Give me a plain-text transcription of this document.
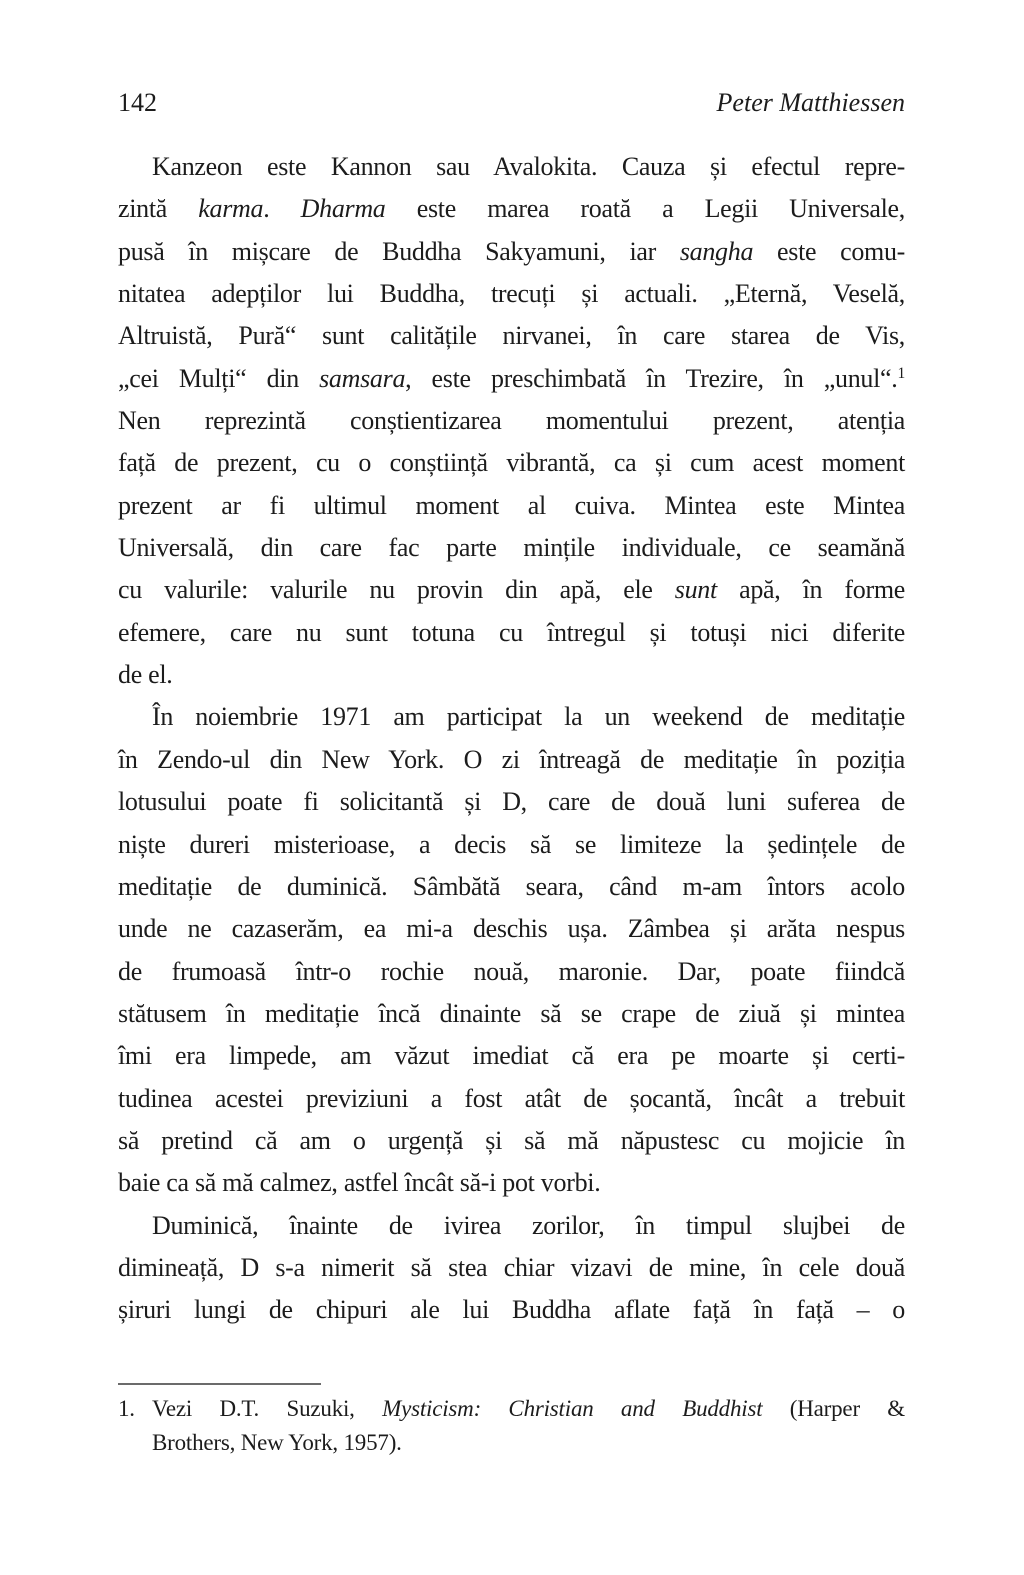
142	Peter Matthiessen
Kanzeon este Kannon sau Avalokita. Cauza și efectul repre-
zintă karma. Dharma este marea roată a Legii Universale,
pusă în mișcare de Buddha Sakyamuni, iar sangha este comu-
nitatea adepților lui Buddha, trecuți și actuali. „Eternă, Veselă,
Altruistă, Pură“ sunt calitățile nirvanei, în care starea de Vis,
„cei Mulți“ din samsara, este preschimbată în Trezire, în „unul“.$^1$
Nen reprezintă conștientizarea momentului prezent, atenția
față de prezent, cu o conștiință vibrantă, ca și cum acest moment
prezent ar fi ultimul moment al cuiva. Mintea este Mintea
Universală, din care fac parte mințile individuale, ce seamănă
cu valurile: valurile nu provin din apă, ele sunt apă, în forme
efemere, care nu sunt totuna cu întregul și totuși nici diferite
de el.
În noiembrie 1971 am participat la un weekend de meditație
în Zendo-ul din New York. O zi întreagă de meditație în poziția
lotusului poate fi solicitantă și D, care de două luni suferea de
niște dureri misterioase, a decis să se limiteze la ședințele de
meditație de duminică. Sâmbătă seara, când m-am întors acolo
unde ne cazaserăm, ea mi-a deschis ușa. Zâmbea și arăta nespus
de frumoasă într-o rochie nouă, maronie. Dar, poate fiindcă
stătusem în meditație încă dinainte să se crape de ziuă și mintea
îmi era limpede, am văzut imediat că era pe moarte și certi-
tudinea acestei previziuni a fost atât de șocantă, încât a trebuit
să pretind că am o urgență și să mă năpustesc cu mojicie în
baie ca să mă calmez, astfel încât să-i pot vorbi.
Duminică, înainte de ivirea zorilor, în timpul slujbei de
dimineață, D s-a nimerit să stea chiar vizavi de mine, în cele două
șiruri lungi de chipuri ale lui Buddha aflate față în față – o
1. Vezi D.T. Suzuki, Mysticism: Christian and Buddhist (Harper &
Brothers, New York, 1957).
